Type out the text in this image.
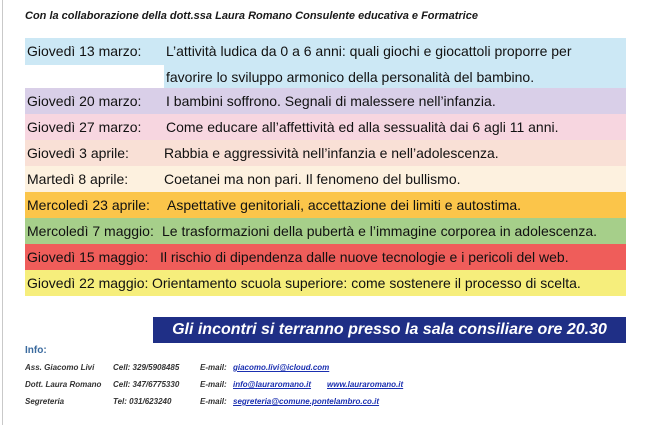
Con la collaborazione della dott.ssa Laura Romano Consulente educativa e Formatrice
Giovedì 13 marzo: L’attività ludica da 0 a 6 anni: quali giochi e giocattoli proporre per
favorire lo sviluppo armonico della personalità del bambino.
Giovedì 20 marzo: I bambini soffrono. Segnali di malessere nell’infanzia.
Giovedì 27 marzo: Come educare all’affettività ed alla sessualità dai 6 agli 11 anni.
Giovedì 3 aprile:	Rabbia e aggressività nell’infanzia e nell’adolescenza.
Martedì 8 aprile:	Coetanei ma non pari. Il fenomeno del bullismo.
Mercoledì 23 aprile: Aspettative genitoriali, accettazione dei limiti e autostima.
Mercoledì 7 maggio: Le trasformazioni della pubertà e l’immagine corporea in adolescenza.
Giovedì 15 maggio: Il rischio di dipendenza dalle nuove tecnologie e i pericoli del web.
Giovedì 22 maggio: Orientamento scuola superiore: come sostenere il processo di scelta.
Gli incontri si terranno presso la sala consiliare ore 20.30
Info:
Ass. Giacomo Livi Cell: 329/5908485	E-mail: giacomo.livi@icloud.com
Dott. Laura Romano Cell: 347/6775330	E-mail: info@lauraromano.it www.lauraromano.it
Segreteria	Tel: 031/623240	E-mail: segreteria@comune.pontelambro.co.it
